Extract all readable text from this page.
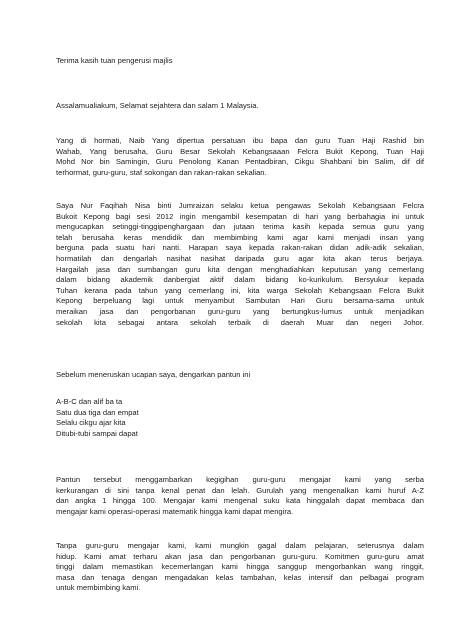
Terima kasih tuan pengerusi majlis
Assalamualiakum, Selamat sejahtera dan salam 1 Malaysia.
Yang di hormati, Naib Yang dipertua persatuan ibu bapa dan guru Tuan Haji Rashid bin
Wahab, Yang berusaha, Guru Besar Sekolah Kebangsaaan Felcra Bukit Kepong, Tuan Haji
Mohd Nor bin Samingin, Guru Penolong Kanan Pentadbiran, Cikgu Shahbani bin Salim, dif dif
terhormat, guru-guru, staf sokongan dan rakan-rakan sekalian.
Saya Nur Faqihah Nisa binti Jumraizan selaku ketua pengawas Sekolah Kebangsaan Felcra
Bukoit Kepong bagi sesi 2012 ingin mengambil kesempatan di hari yang berbahagia ini untuk
mengucapkan setinggi-tinggipenghargaan dan jutaan terima kasih kepada semua guru yang
telah berusaha keras mendidik dan membimbing kami agar kami menjadi insan yang
berguna pada suatu hari nanti. Harapan saya kepada rakan-rakan didan adik-adik sekalian,
hormatilah dan dengarlah nasihat nasihat daripada guru agar kita akan terus berjaya.
Hargailah jasa dan sumbangan guru kita dengan menghadiahkan keputusan yang cemerlang
dalam bidang akademik danbergiat aktif dalam bidang ko-kurikulum. Bersyukur kepada
Tuhan kerana pada tahun yang cemerlang ini, kita warga Sekolah Kebangsaan Felcra Bukit
Kepong berpeluang lagi untuk menyambut Sambutan Hari Guru bersama-sama untuk
meraikan jasa dan pengorbanan guru-guru yang bertungkus-lumus untuk menjadikan
sekolah kita sebagai antara sekolah terbaik di daerah Muar dan negeri Johor.
Sebelum meneruskan ucapan saya, dengarkan pantun ini
A-B-C dan alif ba ta
Satu dua tiga dan empat
Selalu cikgu ajar kita
Ditubi-tubi sampai dapat
Pantun tersebut menggambarkan kegigihan guru-guru mengajar kami yang serba
kerkurangan di sini tanpa kenal penat dan lelah. Gurulah yang mengenalkan kami huruf A-Z
dan angka 1 hingga 100. Mengajar kami mengenal suku kata hinggalah dapat membaca dan
mengajar kami operasi-operasi matematik hingga kami dapat mengira.
Tanpa guru-guru mengajar kami, kami mungkin gagal dalam pelajaran, seterusnya dalam
hidup. Kami amat terharu akan jasa dan pengorbanan guru-guru. Komitmen guru-guru amat
tinggi dalam memastikan kecemerlangan kami hingga sanggup mengorbankan wang ringgit,
masa dan tenaga dengan mengadakan kelas tambahan, kelas intensif dan pelbagai program
untuk membimbing kami.
